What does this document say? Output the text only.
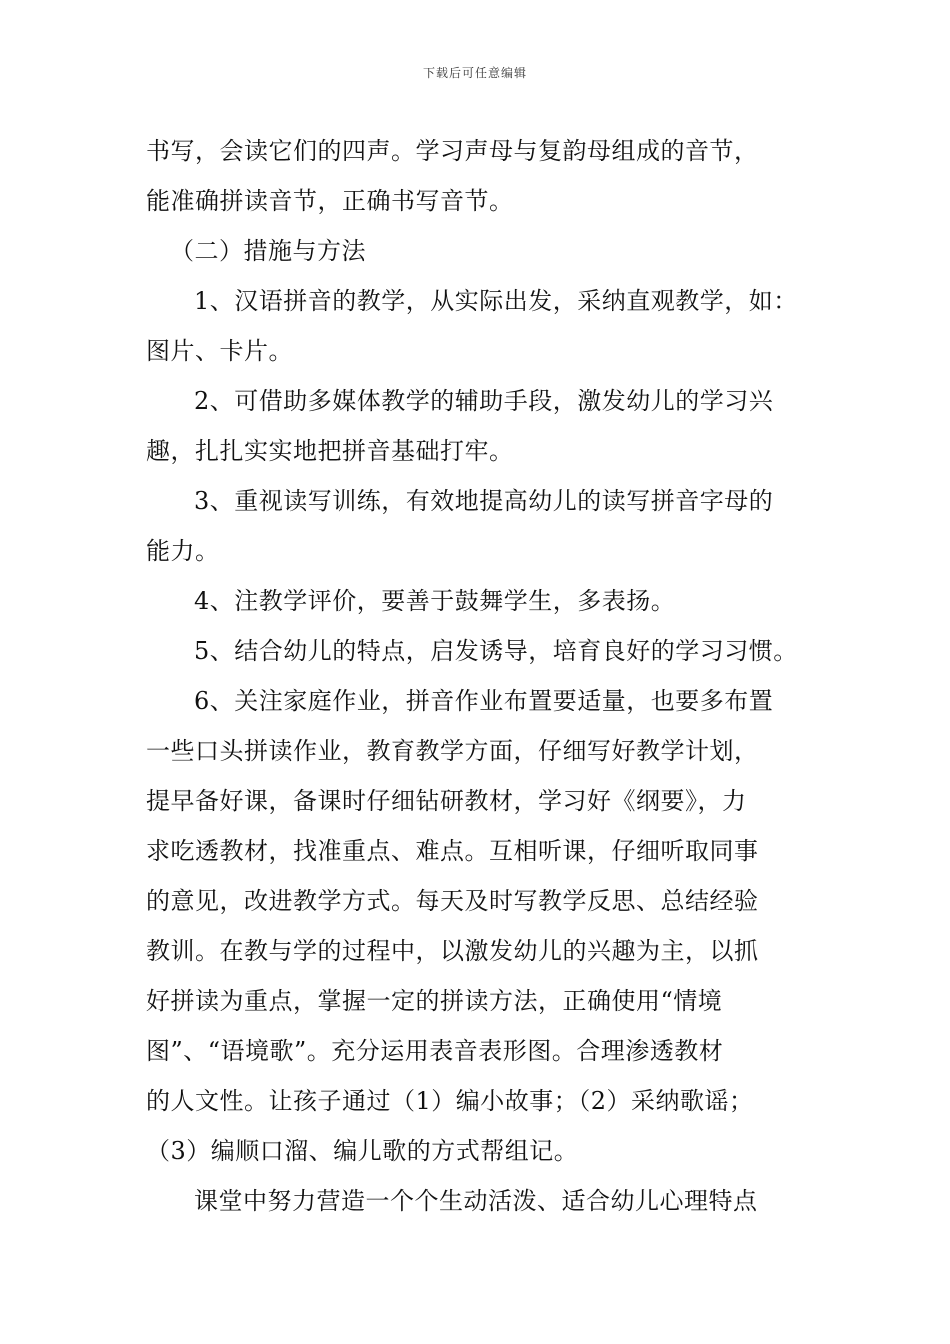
下载后可任意编辑
书写，会读它们的四声。学习声母与复韵母组成的音节，
能准确拼读音节，正确书写音节。
（二）措施与方法
1、汉语拼音的教学，从实际出发，采纳直观教学，如：
图片、卡片。
2、可借助多媒体教学的辅助手段，激发幼儿的学习兴
趣，扎扎实实地把拼音基础打牢。
3、重视读写训练，有效地提高幼儿的读写拼音字母的
能力。
4、注教学评价，要善于鼓舞学生，多表扬。
5、结合幼儿的特点，启发诱导，培育良好的学习习惯。
6、关注家庭作业，拼音作业布置要适量，也要多布置
一些口头拼读作业，教育教学方面，仔细写好教学计划，
提早备好课，备课时仔细钻研教材，学习好《纲要》，力
求吃透教材，找准重点、难点。互相听课，仔细听取同事
的意见，改进教学方式。每天及时写教学反思、总结经验
教训。在教与学的过程中，以激发幼儿的兴趣为主，以抓
好拼读为重点，掌握一定的拼读方法，正确使用“情境
图”、“语境歌”。充分运用表音表形图。合理渗透教材
的人文性。让孩子通过（1）编小故事；（2）采纳歌谣；
（3）编顺口溜、编儿歌的方式帮组记。
课堂中努力营造一个个生动活泼、适合幼儿心理特点
